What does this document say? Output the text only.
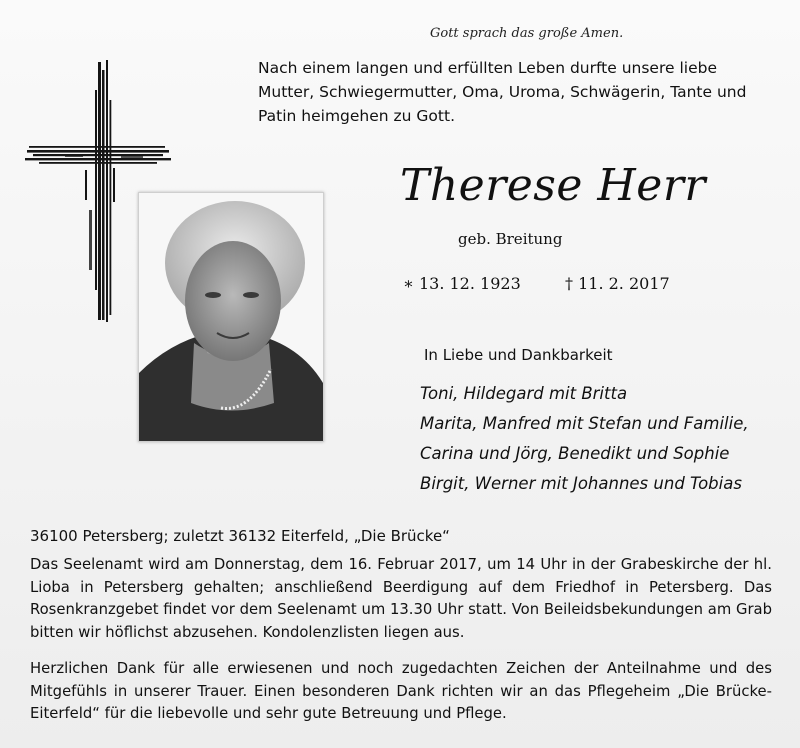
Gott sprach das große Amen.
Nach einem langen und erfüllten Leben durfte unsere liebe Mutter, Schwiegermutter, Oma, Uroma, Schwägerin, Tante und Patin heimgehen zu Gott.
Therese Herr
geb. Breitung
∗ 13. 12. 1923	† 11. 2. 2017
In Liebe und Dankbarkeit
Toni, Hildegard mit Britta
Marita, Manfred mit Stefan und Familie,
Carina und Jörg, Benedikt und Sophie
Birgit, Werner mit Johannes und Tobias
36100 Petersberg; zuletzt 36132 Eiterfeld, „Die Brücke“
Das Seelenamt wird am Donnerstag, dem 16. Februar 2017, um 14 Uhr in der Grabeskirche der hl. Lioba in Petersberg gehalten; anschließend Beerdigung auf dem Friedhof in Petersberg. Das Rosenkranzgebet findet vor dem Seelenamt um 13.30 Uhr statt. Von Beileidsbekundungen am Grab bitten wir höflichst abzusehen. Kondolenzlisten liegen aus.
Herzlichen Dank für alle erwiesenen und noch zugedachten Zeichen der Anteilnahme und des Mitgefühls in unserer Trauer. Einen besonderen Dank richten wir an das Pflegeheim „Die Brücke-Eiterfeld“ für die liebevolle und sehr gute Betreuung und Pflege.
